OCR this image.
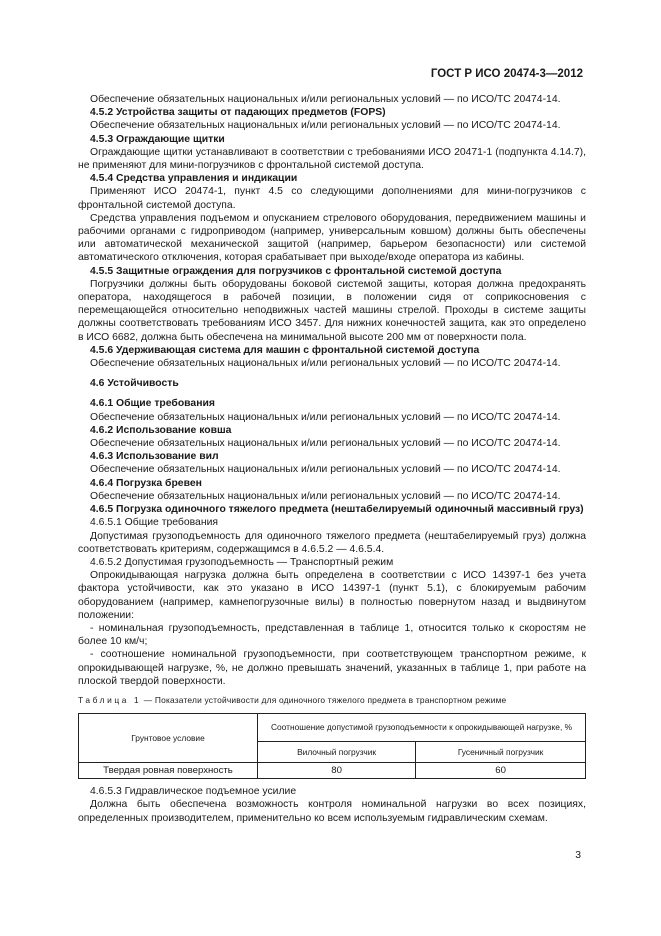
ГОСТ Р ИСО 20474-3—2012

Обеспечение обязательных национальных и/или региональных условий — по ИСО/ТС 20474-14.

4.5.2 Устройства защиты от падающих предметов (FOPS)

Обеспечение обязательных национальных и/или региональных условий — по ИСО/ТС 20474-14.

4.5.3 Ограждающие щитки

Ограждающие щитки устанавливают в соответствии с требованиями ИСО 20471-1 (подпункта 4.14.7), не применяют для мини-погрузчиков с фронтальной системой доступа.

4.5.4 Средства управления и индикации

Применяют ИСО 20474-1, пункт 4.5 со следующими дополнениями для мини-погрузчиков с фронтальной системой доступа.

Средства управления подъемом и опусканием стрелового оборудования, передвижением машины и рабочими органами с гидроприводом (например, универсальным ковшом) должны быть обеспечены или автоматической механической защитой (например, барьером безопасности) или системой автоматического отключения, которая срабатывает при выходе/входе оператора из кабины.

4.5.5 Защитные ограждения для погрузчиков с фронтальной системой доступа

Погрузчики должны быть оборудованы боковой системой защиты, которая должна предохранять оператора, находящегося в рабочей позиции, в положении сидя от соприкосновения с перемещающейся относительно неподвижных частей машины стрелой. Проходы в системе защиты должны соответствовать требованиям ИСО 3457. Для нижних конечностей защита, как это определено в ИСО 6682, должна быть обеспечена на минимальной высоте 200 мм от поверхности пола.

4.5.6 Удерживающая система для машин с фронтальной системой доступа

Обеспечение обязательных национальных и/или региональных условий — по ИСО/ТС 20474-14.

4.6 Устойчивость

4.6.1 Общие требования

Обеспечение обязательных национальных и/или региональных условий — по ИСО/ТС 20474-14.

4.6.2 Использование ковша

Обеспечение обязательных национальных и/или региональных условий — по ИСО/ТС 20474-14.

4.6.3 Использование вил

Обеспечение обязательных национальных и/или региональных условий — по ИСО/ТС 20474-14.

4.6.4 Погрузка бревен

Обеспечение обязательных национальных и/или региональных условий — по ИСО/ТС 20474-14.

4.6.5 Погрузка одиночного тяжелого предмета (нештабелируемый одиночный массивный груз)

4.6.5.1 Общие требования

Допустимая грузоподъемность для одиночного тяжелого предмета (нештабелируемый груз) должна соответствовать критериям, содержащимся в 4.6.5.2 — 4.6.5.4.

4.6.5.2 Допустимая грузоподъемность — Транспортный режим

Опрокидывающая нагрузка должна быть определена в соответствии с ИСО 14397-1 без учета фактора устойчивости, как это указано в ИСО 14397-1 (пункт 5.1), с блокируемым рабочим оборудованием (например, камнепогрузочные вилы) в полностью повернутом назад и выдвинутом положении:

- номинальная грузоподъемность, представленная в таблице 1, относится только к скоростям не более 10 км/ч;

- соотношение номинальной грузоподъемности, при соответствующем транспортном режиме, к опрокидывающей нагрузке, %, не должно превышать значений, указанных в таблице 1, при работе на плоской твердой поверхности.

Таблица 1 — Показатели устойчивости для одиночного тяжелого предмета в транспортном режиме
Грунтовое условие	Соотношение допустимой грузоподъемности к опрокидывающей нагрузке, %	
	Вилочный погрузчик	Гусеничный погрузчик
Твердая ровная поверхность	80	60

4.6.5.3 Гидравлическое подъемное усилие

Должна быть обеспечена возможность контроля номинальной нагрузки во всех позициях, определенных производителем, применительно ко всем используемым гидравлическим схемам.

3
